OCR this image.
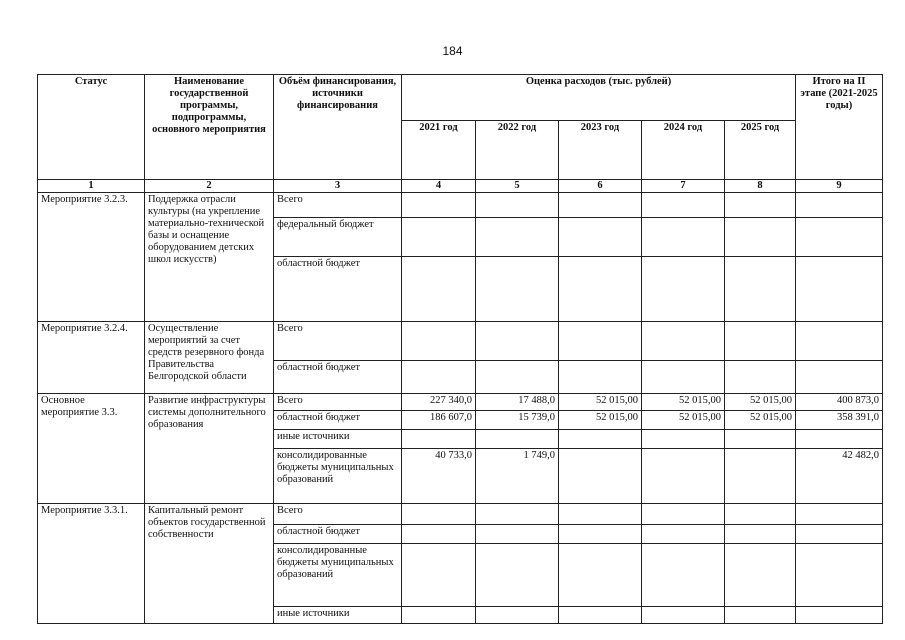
184
Статус	Наименование государственной программы, подпрограммы, основного мероприятия	Объём финансирования, источники финансирования	Оценка расходов (тыс. рублей)					Итого на II этапе (2021-2025 годы)
			2021 год	2022 год	2023 год	2024 год	2025 год	
1	2	3	4	5	6	7	8	9
Мероприятие 3.2.3.	Поддержка отрасли культуры (на укрепление материально-технической базы и оснащение оборудованием детских школ искусств)	Всего						
		федеральный бюджет						
		областной бюджет						
Мероприятие 3.2.4.	Осуществление мероприятий за счет средств резервного фонда Правительства Белгородской области	Всего						
		областной бюджет						
Основное мероприятие 3.3.	Развитие инфраструктуры системы дополнительного образования	Всего	227 340,0	17 488,0	52 015,00	52 015,00	52 015,00	400 873,0
		областной бюджет	186 607,0	15 739,0	52 015,00	52 015,00	52 015,00	358 391,0
		иные источники						
		консолидированные бюджеты муниципальных образований	40 733,0	1 749,0				42 482,0
Мероприятие 3.3.1.	Капитальный ремонт объектов государственной собственности	Всего						
		областной бюджет						
		консолидированные бюджеты муниципальных образований						
		иные источники						
